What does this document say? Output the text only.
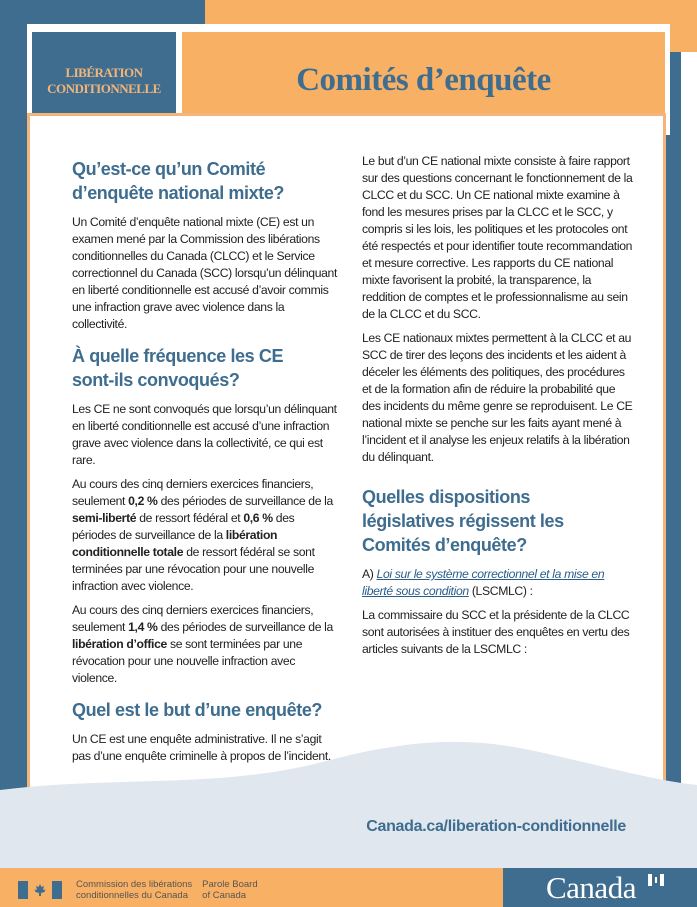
LIBÉRATION CONDITIONNELLE	Comités d’enquête
Qu’est-ce qu’un Comité d’enquête national mixte?

Un Comité d’enquête national mixte (CE) est un examen mené par la Commission des libérations conditionnelles du Canada (CLCC) et le Service correctionnel du Canada (SCC) lorsqu’un délinquant en liberté conditionnelle est accusé d’avoir commis une infraction grave avec violence dans la collectivité.

À quelle fréquence les CE sont-ils convoqués?

Les CE ne sont convoqués que lorsqu’un délinquant en liberté conditionnelle est accusé d’une infraction grave avec violence dans la collectivité, ce qui est rare.

Au cours des cinq derniers exercices financiers, seulement 0,2 % des périodes de surveillance de la semi-liberté de ressort fédéral et 0,6 % des périodes de surveillance de la libération conditionnelle totale de ressort fédéral se sont terminées par une révocation pour une nouvelle infraction avec violence.

Au cours des cinq derniers exercices financiers, seulement 1,4 % des périodes de surveillance de la libération d’office se sont terminées par une révocation pour une nouvelle infraction avec violence.

Quel est le but d’une enquête?

Un CE est une enquête administrative. Il ne s’agit pas d’une enquête criminelle à propos de l’incident.

Le but d’un CE national mixte consiste à faire rapport sur des questions concernant le fonctionnement de la CLCC et du SCC. Un CE national mixte examine à fond les mesures prises par la CLCC et le SCC, y compris si les lois, les politiques et les protocoles ont été respectés et pour identifier toute recommandation et mesure corrective. Les rapports du CE national mixte favorisent la probité, la transparence, la reddition de comptes et le professionnalisme au sein de la CLCC et du SCC.

Les CE nationaux mixtes permettent à la CLCC et au SCC de tirer des leçons des incidents et les aident à déceler les éléments des politiques, des procédures et de la formation afin de réduire la probabilité que des incidents du même genre se reproduisent. Le CE national mixte se penche sur les faits ayant mené à l’incident et il analyse les enjeux relatifs à la libération du délinquant.

Quelles dispositions législatives régissent les Comités d’enquête?

A) Loi sur le système correctionnel et la mise en liberté sous condition (LSCMLC) :

La commissaire du SCC et la présidente de la CLCC sont autorisées à instituer des enquêtes en vertu des articles suivants de la LSCMLC :

Canada.ca/liberation-conditionnelle
Commission des libérations
conditionnelles du Canada
Parole Board
of Canada	Canada
